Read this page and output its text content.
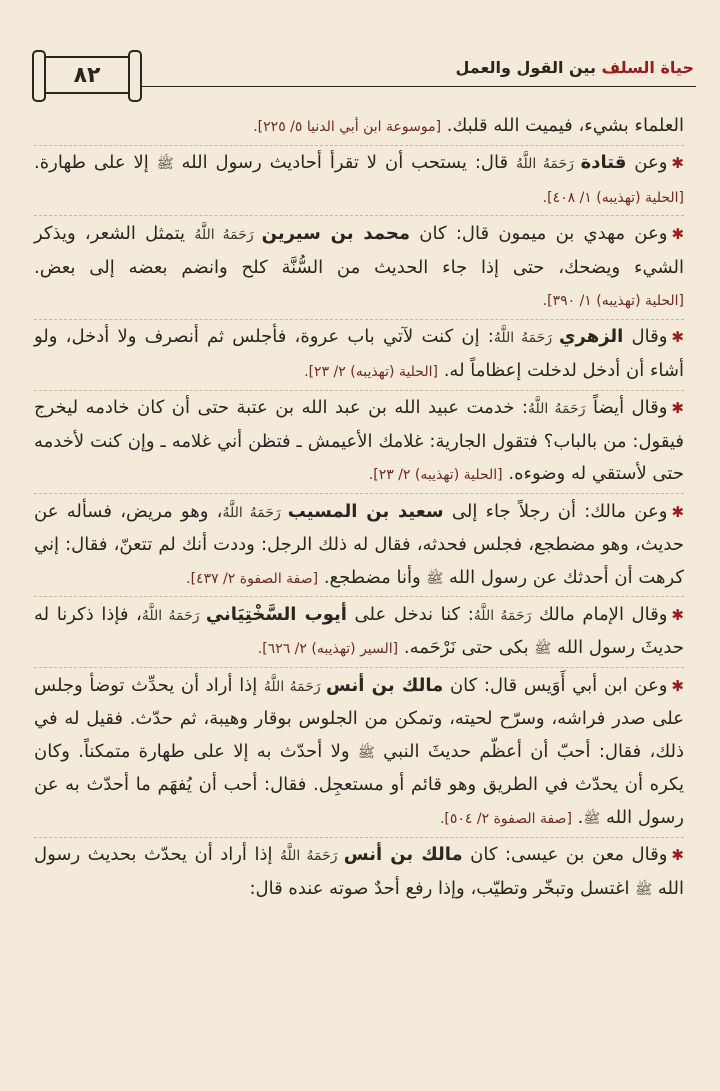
٨٢	حياة السلف بين القول والعمل

العلماء بشيء، فيميت الله قلبك. [موسوعة ابن أبي الدنيا ٥/ ٢٢٥].

✱وعن قتادة رَحَمَهُ اللَّهُ قال: يستحب أن لا تقرأ أحاديث رسول الله ﷺ إلا على طهارة. [الحلية (تهذيبه) ١/ ٤٠٨].

✱وعن مهدي بن ميمون قال: كان محمد بن سيرين رَحَمَهُ اللَّهُ يتمثل الشعر، ويذكر الشيء ويضحك، حتى إذا جاء الحديث من السُّنَّة كلح وانضم بعضه إلى بعض. [الحلية (تهذيبه) ١/ ٣٩٠].

✱وقال الزهري رَحَمَهُ اللَّهُ: إن كنت لآتي باب عروة، فأجلس ثم أنصرف ولا أدخل، ولو أشاء أن أدخل لدخلت إعظاماً له. [الحلية (تهذيبه) ٢/ ٢٣].

✱وقال أيضاً رَحَمَهُ اللَّهُ: خدمت عبيد الله بن عبد الله بن عتبة حتى أن كان خادمه ليخرج فيقول: من بالباب؟ فتقول الجارية: غلامك الأعيمش ـ فتظن أني غلامه ـ وإن كنت لأخدمه حتى لأستقي له وضوءه. [الحلية (تهذيبه) ٢/ ٢٣].

✱وعن مالك: أن رجلاً جاء إلى سعيد بن المسيب رَحَمَهُ اللَّهُ، وهو مريض، فسأله عن حديث، وهو مضطجع، فجلس فحدثه، فقال له ذلك الرجل: وددت أنك لم تتعنّ، فقال: إني كرهت أن أحدثك عن رسول الله ﷺ وأنا مضطجع. [صفة الصفوة ٢/ ٤٣٧].

✱وقال الإمام مالك رَحَمَهُ اللَّهُ: كنا ندخل على أيوب السَّخْتِيَاني رَحَمَهُ اللَّهُ، فإذا ذكرنا له حديثَ رسول الله ﷺ بكى حتى نَرْحَمه. [السير (تهذيبه) ٢/ ٦٢٦].

✱وعن ابن أبي أَوَيس قال: كان مالك بن أنس رَحَمَهُ اللَّهُ إذا أراد أن يحدِّث توضأ وجلس على صدر فراشه، وسرّح لحيته، وتمكن من الجلوس بوقار وهيبة، ثم حدّث. فقيل له في ذلك، فقال: أحبّ أن أعظّم حديثَ النبي ﷺ ولا أحدّث به إلا على طهارة متمكناً. وكان يكره أن يحدّث في الطريق وهو قائم أو مستعجِل. فقال: أحب أن يُفهَم ما أحدّث به عن رسول الله ﷺ. [صفة الصفوة ٢/ ٥٠٤].

✱وقال معن بن عيسى: كان مالك بن أنس رَحَمَهُ اللَّهُ إذا أراد أن يحدّث بحديث رسول الله ﷺ اغتسل وتبخّر وتطيّب، وإذا رفع أحدٌ صوته عنده قال:
